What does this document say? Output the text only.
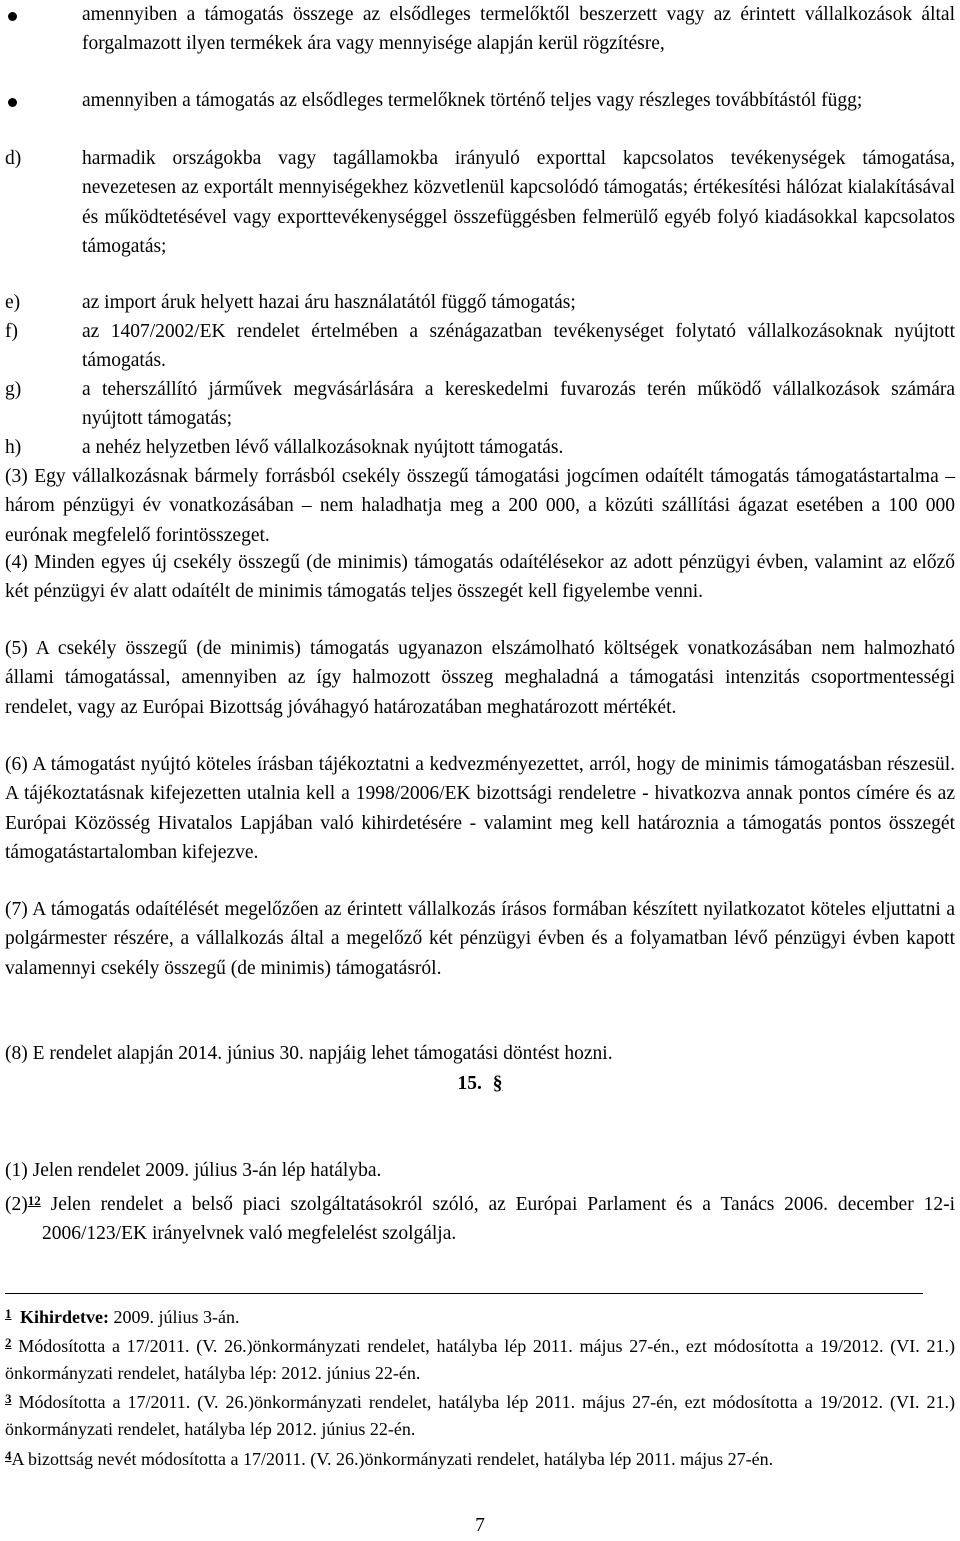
amennyiben a támogatás összege az elsődleges termelőktől beszerzett vagy az érintett vállalkozások által forgalmazott ilyen termékek ára vagy mennyisége alapján kerül rögzítésre,
amennyiben a támogatás az elsődleges termelőknek történő teljes vagy részleges továbbítástól függ;
d)	harmadik országokba vagy tagállamokba irányuló exporttal kapcsolatos tevékenységek támogatása, nevezetesen az exportált mennyiségekhez közvetlenül kapcsolódó támogatás; értékesítési hálózat kialakításával és működtetésével vagy exporttevékenységgel összefüggésben felmerülő egyéb folyó kiadásokkal kapcsolatos támogatás;
e)	az import áruk helyett hazai áru használatától függő támogatás;
f)	az 1407/2002/EK rendelet értelmében a szénágazatban tevékenységet folytató vállalkozásoknak nyújtott támogatás.
g)	a teherszállító járművek megvásárlására a kereskedelmi fuvarozás terén működő vállalkozások számára nyújtott támogatás;
h)	a nehéz helyzetben lévő vállalkozásoknak nyújtott támogatás.
(3) Egy vállalkozásnak bármely forrásból csekély összegű támogatási jogcímen odaítélt támogatás támogatástartalma – három pénzügyi év vonatkozásában – nem haladhatja meg a 200 000, a közúti szállítási ágazat esetében a 100 000 eurónak megfelelő forintösszeget.
(4) Minden egyes új csekély összegű (de minimis) támogatás odaítélésekor az adott pénzügyi évben, valamint az előző két pénzügyi év alatt odaítélt de minimis támogatás teljes összegét kell figyelembe venni.
(5) A csekély összegű (de minimis) támogatás ugyanazon elszámolható költségek vonatkozásában nem halmozható állami támogatással, amennyiben az így halmozott összeg meghaladná a támogatási intenzitás csoportmentességi rendelet, vagy az Európai Bizottság jóváhagyó határozatában meghatározott mértékét.
(6) A támogatást nyújtó köteles írásban tájékoztatni a kedvezményezettet, arról, hogy de minimis támogatásban részesül. A tájékoztatásnak kifejezetten utalnia kell a 1998/2006/EK bizottsági rendeletre - hivatkozva annak pontos címére és az Európai Közösség Hivatalos Lapjában való kihirdetésére - valamint meg kell határoznia a támogatás pontos összegét támogatástartalomban kifejezve.
(7) A támogatás odaítélését megelőzően az érintett vállalkozás írásos formában készített nyilatkozatot köteles eljuttatni a polgármester részére, a vállalkozás által a megelőző két pénzügyi évben és a folyamatban lévő pénzügyi évben kapott valamennyi csekély összegű (de minimis) támogatásról.
(8) E rendelet alapján 2014. június 30. napjáig lehet támogatási döntést hozni.
15. §
(1) Jelen rendelet 2009. július 3-án lép hatályba.
(2)$^{12}$ Jelen rendelet a belső piaci szolgáltatásokról szóló, az Európai Parlament és a Tanács 2006. december 12-i 2006/123/EK irányelvnek való megfelelést szolgálja.
$^1$ Kihirdetve: 2009. július 3-án.
$^2$ Módosította a 17/2011. (V. 26.)önkormányzati rendelet, hatályba lép 2011. május 27-én., ezt módosította a 19/2012. (VI. 21.) önkormányzati rendelet, hatályba lép: 2012. június 22-én.
$^3$ Módosította a 17/2011. (V. 26.)önkormányzati rendelet, hatályba lép 2011. május 27-én, ezt módosította a 19/2012. (VI. 21.) önkormányzati rendelet, hatályba lép 2012. június 22-én.
$^4$A bizottság nevét módosította a 17/2011. (V. 26.)önkormányzati rendelet, hatályba lép 2011. május 27-én.
7
